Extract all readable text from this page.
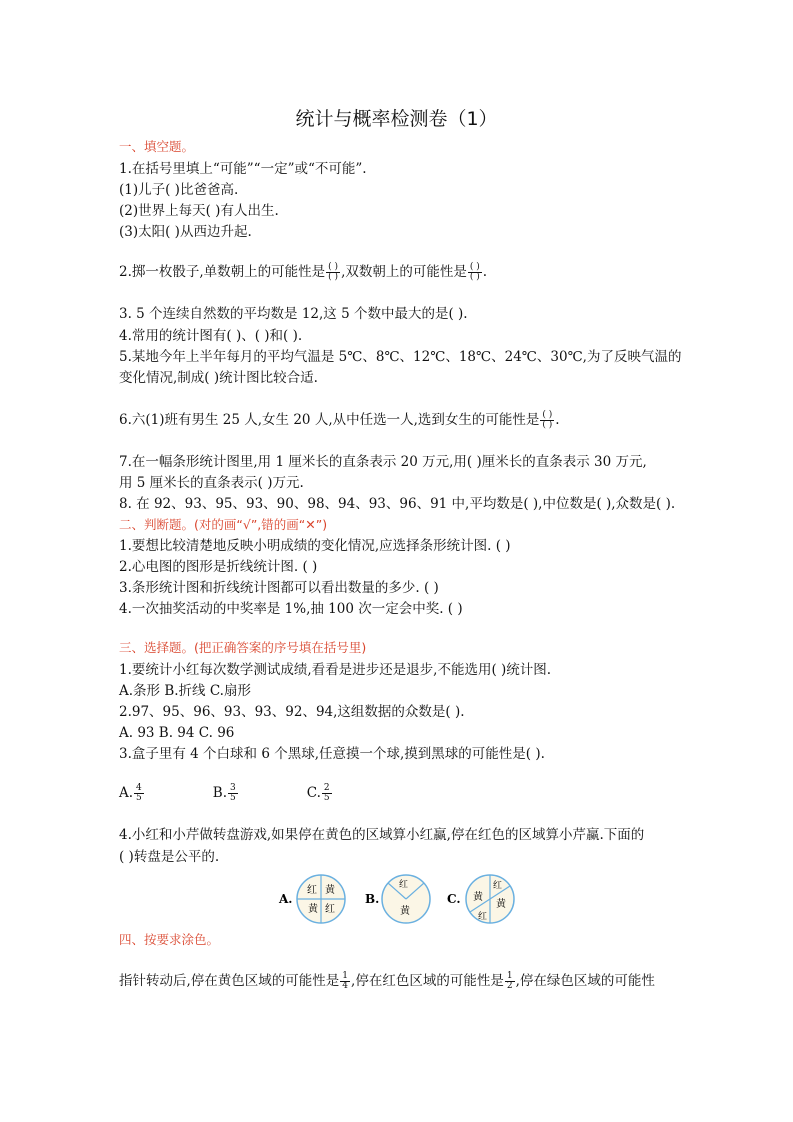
统计与概率检测卷（1）
一、填空题。
1.在括号里填上“可能”“一定”或“不可能”.
(1)儿子( )比爸爸高.
(2)世界上每天( )有人出生.
(3)太阳( )从西边升起.
2.掷一枚骰子,单数朝上的可能性是 $\frac{( )}{( )}$ ,双数朝上的可能性是 $\frac{( )}{( )}$ .
3. 5 个连续自然数的平均数是 12,这 5 个数中最大的是( ).
4.常用的统计图有( )、( )和( ).
5.某地今年上半年每月的平均气温是 5℃、8℃、12℃、18℃、24℃、30℃,为了反映气温的
变化情况,制成( )统计图比较合适.
6.六(1)班有男生 25 人,女生 20 人,从中任选一人,选到女生的可能性是 $\frac{( )}{( )}$ .
7.在一幅条形统计图里,用 1 厘米长的直条表示 20 万元,用( )厘米长的直条表示 30 万元,
用 5 厘米长的直条表示( )万元.
8. 在 92、93、95、93、90、98、94、93、96、91 中,平均数是( ),中位数是( ),众数是( ).
二、判断题。(对的画“√”,错的画“✕”)
1.要想比较清楚地反映小明成绩的变化情况,应选择条形统计图. ( )
2.心电图的图形是折线统计图. ( )
3.条形统计图和折线统计图都可以看出数量的多少. ( )
4.一次抽奖活动的中奖率是 1%,抽 100 次一定会中奖. ( )
三、选择题。(把正确答案的序号填在括号里)
1.要统计小红每次数学测试成绩,看看是进步还是退步,不能选用( )统计图.
A.条形 B.折线 C.扇形
2.97、95、96、93、93、92、94,这组数据的众数是( ).
A. 93 B. 94 C. 96
3.盒子里有 4 个白球和 6 个黑球,任意摸一个球,摸到黑球的可能性是( ).
A. $\frac{4}{5}$	B. $\frac{3}{5}$	C. $\frac{2}{5}$
4.小红和小芹做转盘游戏,如果停在黄色的区域算小红赢,停在红色的区域算小芹赢.下面的
( )转盘是公平的.
A.
红 黄
黄 红
B.
红
黄
C.
红
黄
红
黄
四、按要求涂色。
指针转动后,停在黄色区域的可能性是 $\frac{1}{4}$ ,停在红色区域的可能性是 $\frac{1}{2}$ ,停在绿色区域的可能性
